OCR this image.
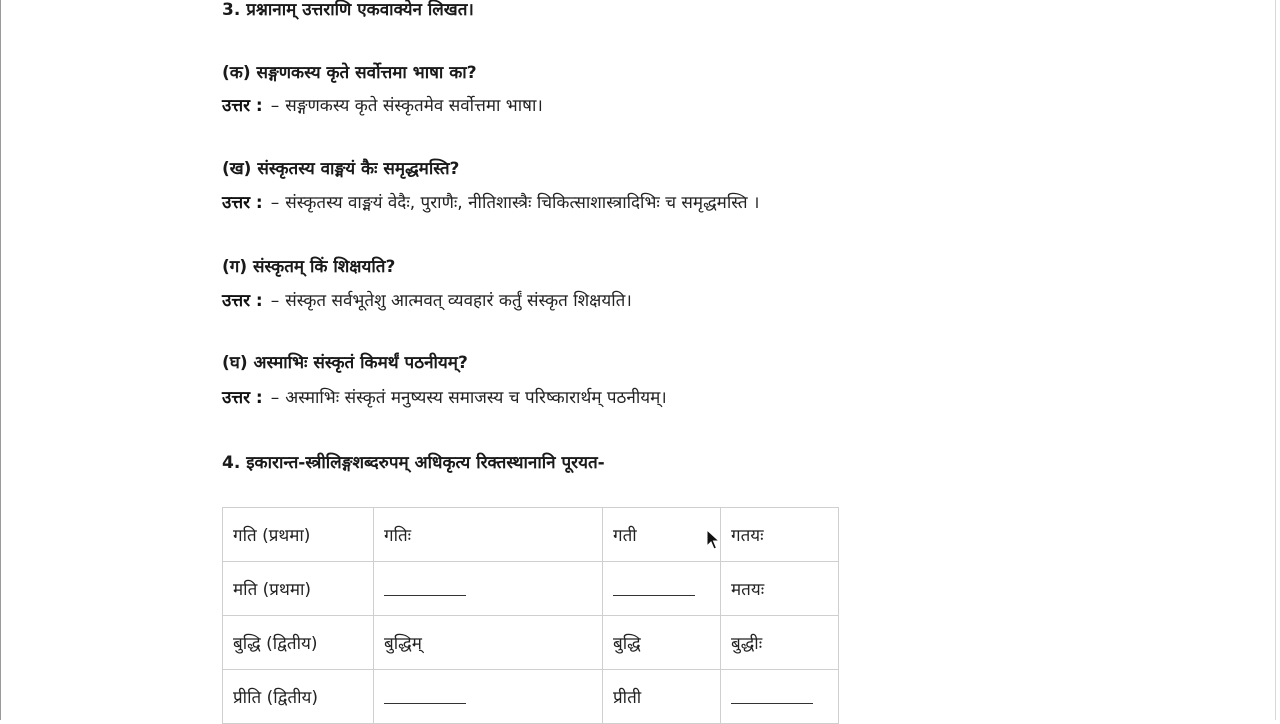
3. प्रश्नानाम् उत्तराणि एकवाक्येन लिखत।
(क) सङ्गणकस्य कृते सर्वोत्तमा भाषा का?
उत्तर : – सङ्गणकस्य कृते संस्कृतमेव सर्वोत्तमा भाषा।
(ख) संस्कृतस्य वाङ्मयं कैः समृद्धमस्ति?
उत्तर : – संस्कृतस्य वाङ्मयं वेदैः, पुराणैः, नीतिशास्त्रैः चिकित्साशास्त्रादिभिः च समृद्धमस्ति ।
(ग) संस्कृतम् किं शिक्षयति?
उत्तर : – संस्कृत सर्वभूतेशु आत्मवत् व्यवहारं कर्तुं संस्कृत शिक्षयति।
(घ) अस्माभिः संस्कृतं किमर्थं पठनीयम्?
उत्तर : – अस्माभिः संस्कृतं मनुष्यस्य समाजस्य च परिष्कारार्थम् पठनीयम्।
4. इकारान्त-स्त्रीलिङ्गशब्दरुपम् अधिकृत्य रिक्तस्थानानि पूरयत-
गति (प्रथमा)	गतिः	गती	गतयः
मति (प्रथमा)			मतयः
बुद्धि (द्वितीय)	बुद्धिम्	बुद्धि	बुद्धीः
प्रीति (द्वितीय)		प्रीती	
